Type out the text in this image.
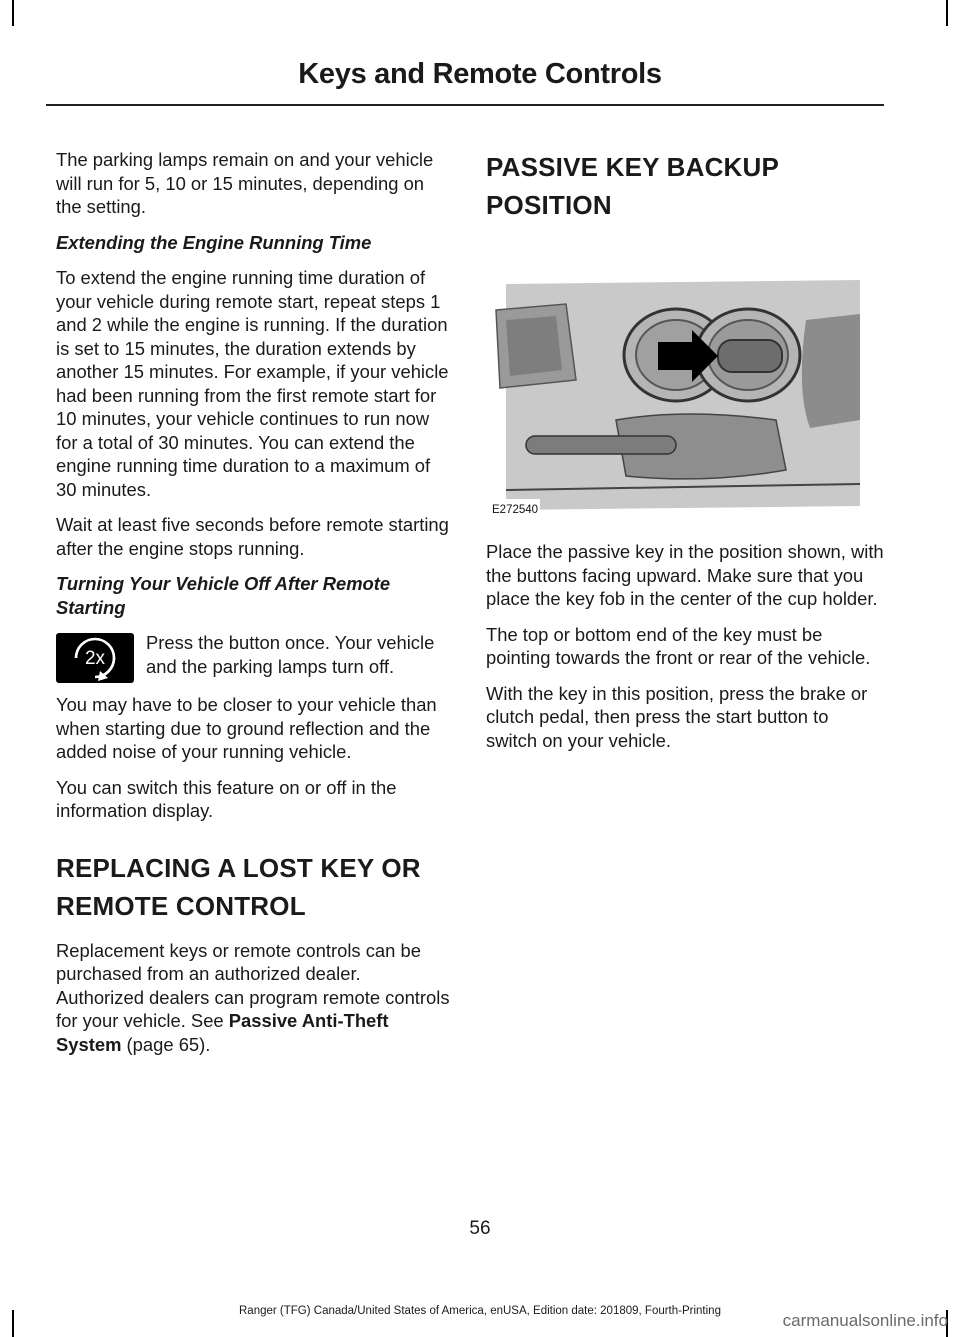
Keys and Remote Controls

The parking lamps remain on and your vehicle will run for 5, 10 or 15 minutes, depending on the setting.

Extending the Engine Running Time

To extend the engine running time duration of your vehicle during remote start, repeat steps 1 and 2 while the engine is running. If the duration is set to 15 minutes, the duration extends by another 15 minutes. For example, if your vehicle had been running from the first remote start for 10 minutes, your vehicle continues to run now for a total of 30 minutes. You can extend the engine running time duration to a maximum of 30 minutes.

Wait at least five seconds before remote starting after the engine stops running.

Turning Your Vehicle Off After Remote Starting

2x
Press the button once. Your vehicle and the parking lamps turn off.

You may have to be closer to your vehicle than when starting due to ground reflection and the added noise of your running vehicle.

You can switch this feature on or off in the information display.

REPLACING A LOST KEY OR
REMOTE CONTROL

Replacement keys or remote controls can be purchased from an authorized dealer. Authorized dealers can program remote controls for your vehicle. See Passive Anti-Theft System (page 65).

PASSIVE KEY BACKUP
POSITION
E272540

Place the passive key in the position shown, with the buttons facing upward. Make sure that you place the key fob in the center of the cup holder.

The top or bottom end of the key must be pointing towards the front or rear of the vehicle.

With the key in this position, press the brake or clutch pedal, then press the start button to switch on your vehicle.

56
Ranger (TFG) Canada/United States of America, enUSA, Edition date: 201809, Fourth-Printing	carmanualsonline.info
